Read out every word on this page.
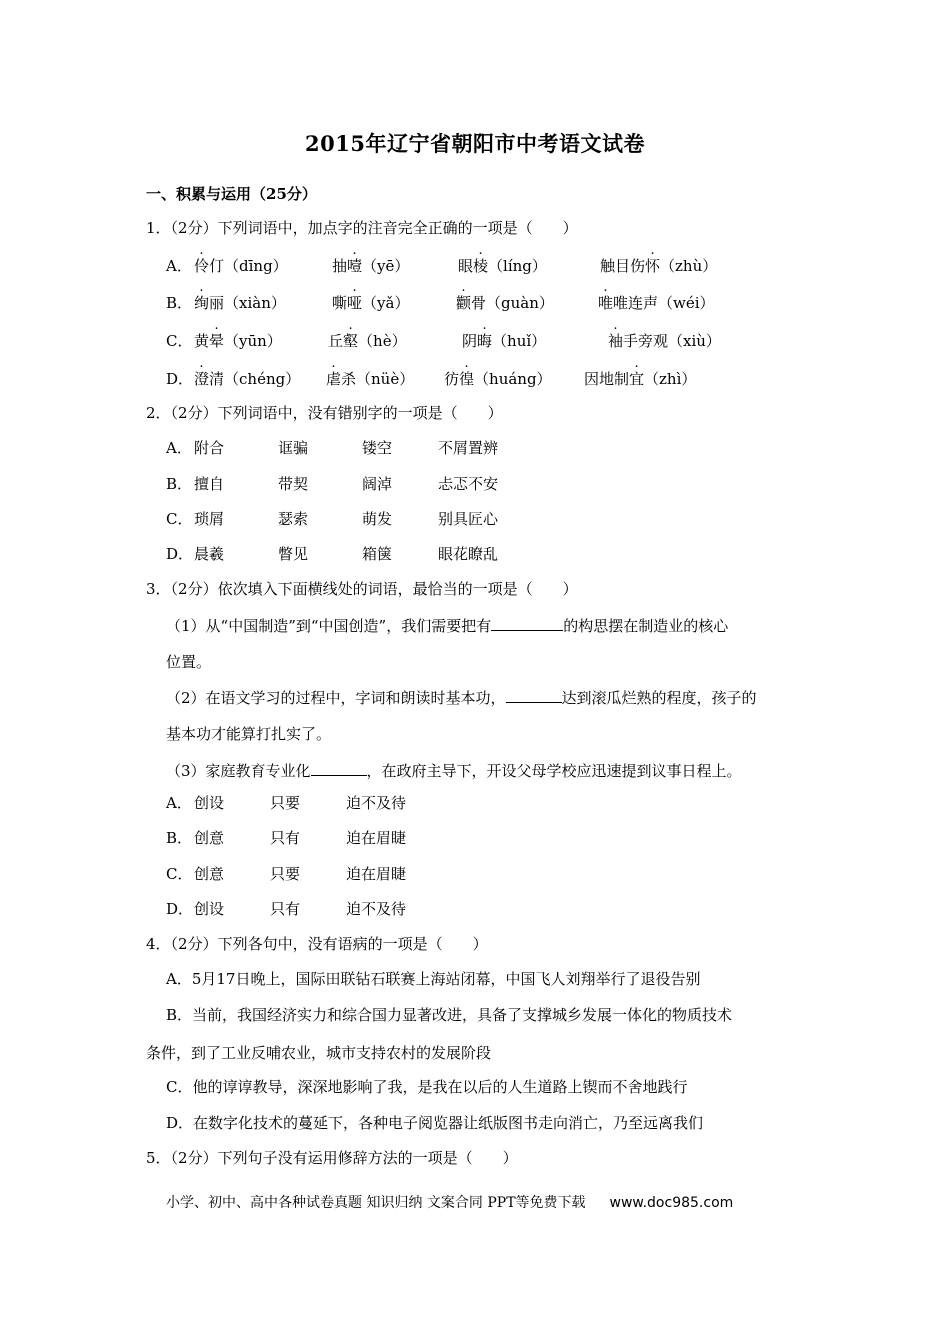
2015年辽宁省朝阳市中考语文试卷
一、积累与运用（25分）
1．（2分）下列词语中，加点字的注音完全正确的一项是（　　）
A． 伶仃（dīng）	抽噎（yē）	眼棱（líng）	触目伤怀（zhù）
B． 绚丽（xiàn）	嘶哑（yǎ）	颧骨（guàn）	唯唯连声（wéi）
C． 黄晕（yūn）	丘壑（hè）	阴晦（huǐ）	袖手旁观（xiù）
D． 澄清（chéng） 虐杀（nüè） 彷徨（huáng） 因地制宜（zhì）
2．（2分）下列词语中，没有错别字的一项是（　　）
A． 附合	诓骗	镂空	不屑置辨
B． 擅自	带契	阔淖	忐忑不安
C． 琐屑	瑟索	萌发	别具匠心
D． 晨羲	瞥见	箱箧	眼花瞭乱
3．（2分）依次填入下面横线处的词语，最恰当的一项是（　　）
（1）从“中国制造”到“中国创造”，我们需要把有	的构思摆在制造业的核心
位置。
（2）在语文学习的过程中，字词和朗读时基本功，	达到滚瓜烂熟的程度，孩子的
基本功才能算打扎实了。
（3）家庭教育专业化	，在政府主导下，开设父母学校应迅速提到议事日程上。
A． 创设	只要	迫不及待
B． 创意	只有	迫在眉睫
C． 创意	只要	迫在眉睫
D． 创设	只有	迫不及待
4．（2分）下列各句中，没有语病的一项是（　　）
A．5月17日晚上，国际田联钻石联赛上海站闭幕，中国飞人刘翔举行了退役告别
B．当前，我国经济实力和综合国力显著改进，具备了支撑城乡发展一体化的物质技术
条件，到了工业反哺农业，城市支持农村的发展阶段
C．他的谆谆教导，深深地影响了我，是我在以后的人生道路上锲而不舍地践行
D．在数字化技术的蔓延下，各种电子阅览器让纸版图书走向消亡，乃至远离我们
5．（2分）下列句子没有运用修辞方法的一项是（　　）
小学、初中、高中各种试卷真题 知识归纳 文案合同 PPT等免费下载 www.doc985.com
